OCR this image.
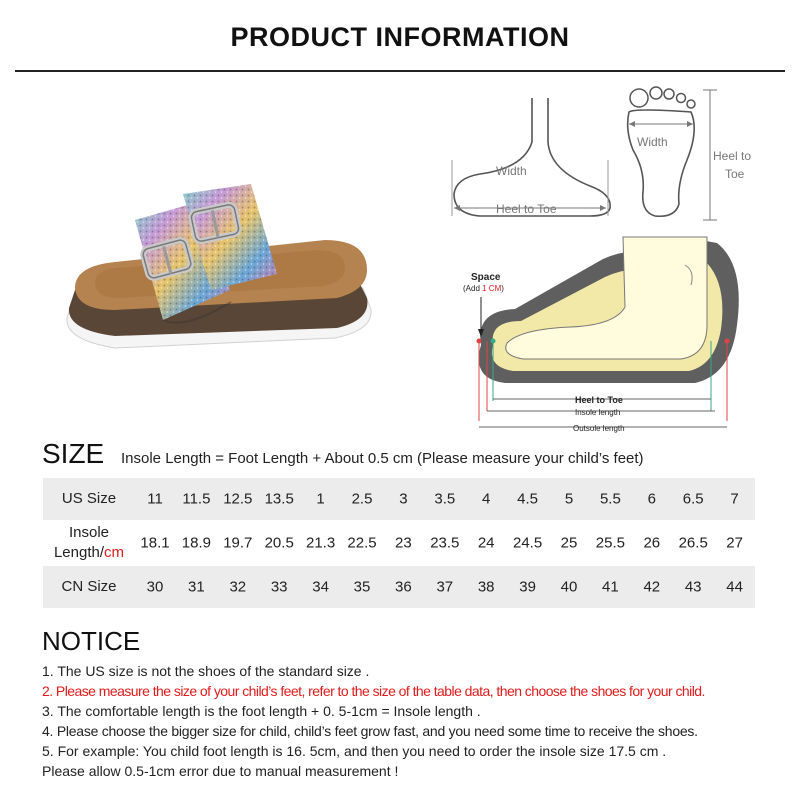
PRODUCT INFORMATION
Width
Heel to Toe
Width
Heel to
Toe
Space
(Add 1 CM)
Heel to Toe
Insole length
Outsole length
SIZE Insole Length = Foot Length + About 0.5 cm (Please measure your child’s feet)
US Size	11 11.5 12.5 13.5 1 2.5 3 3.5 4 4.5 5 5.5 6 6.5 7
Insole
Length/cm
18.1 18.9 19.7 20.5 21.3 22.5 23 23.5 24 24.5 25 25.5 26 26.5 27
CN Size	30 31 32 33 34 35 36 37 38 39 40 41 42 43 44
NOTICE
1. The US size is not the shoes of the standard size .
2. Please measure the size of your child’s feet, refer to the size of the table data, then choose the shoes for your child.
3. The comfortable length is the foot length + 0. 5-1cm = Insole length .
4. Please choose the bigger size for child, child’s feet grow fast, and you need some time to receive the shoes.
5. For example: You child foot length is 16. 5cm, and then you need to order the insole size 17.5 cm .
Please allow 0.5-1cm error due to manual measurement !
